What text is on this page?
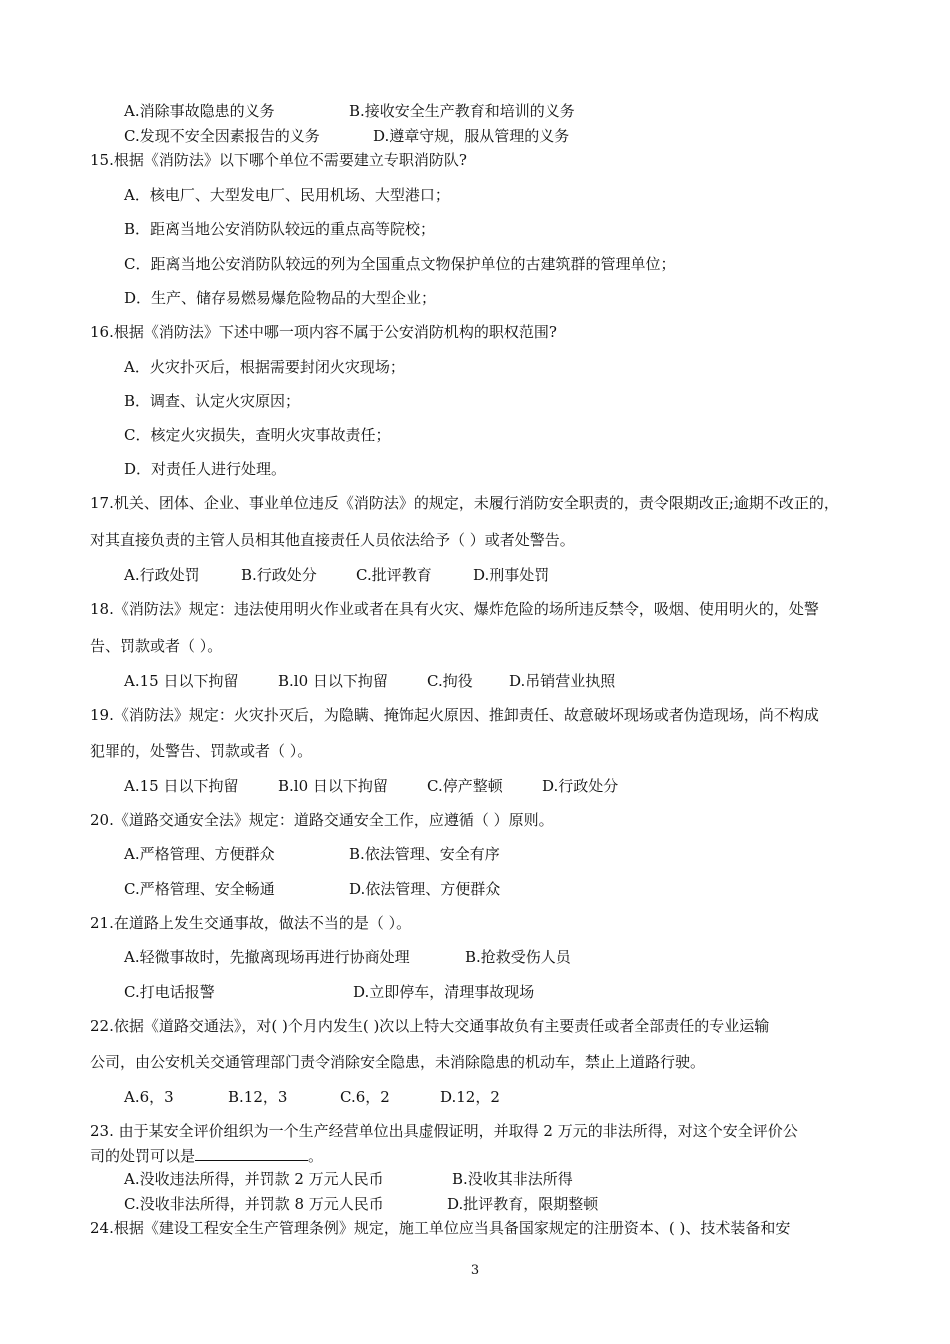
A.消除事故隐患的义务	B.接收安全生产教育和培训的义务
C.发现不安全因素报告的义务	D.遵章守规，服从管理的义务
15.根据《消防法》以下哪个单位不需要建立专职消防队?
A．核电厂、大型发电厂、民用机场、大型港口；
B．距离当地公安消防队较远的重点高等院校；
C．距离当地公安消防队较远的列为全国重点文物保护单位的古建筑群的管理单位；
D．生产、储存易燃易爆危险物品的大型企业；
16.根据《消防法》下述中哪一项内容不属于公安消防机构的职权范围?
A．火灾扑灭后，根据需要封闭火灾现场；
B．调查、认定火灾原因；
C．核定火灾损失，查明火灾事故责任；
D．对责任人进行处理。
17.机关、团体、企业、事业单位违反《消防法》的规定，未履行消防安全职责的，责令限期改正;逾期不改正的，
对其直接负责的主管人员相其他直接责任人员依法给予（ ）或者处警告。
A.行政处罚	B.行政处分	C.批评教育	D.刑事处罚
18.《消防法》规定：违法使用明火作业或者在具有火灾、爆炸危险的场所违反禁令，吸烟、使用明火的，处警
告、罚款或者（ ）。
A.15 日以下拘留	B.l0 日以下拘留	C.拘役 D.吊销营业执照
19.《消防法》规定：火灾扑灭后，为隐瞒、掩饰起火原因、推卸责任、故意破坏现场或者伪造现场，尚不构成
犯罪的，处警告、罚款或者（ ）。
A.15 日以下拘留	B.l0 日以下拘留	C.停产整顿	D.行政处分
20.《道路交通安全法》规定：道路交通安全工作，应遵循（ ）原则。
A.严格管理、方便群众	B.依法管理、安全有序
C.严格管理、安全畅通	D.依法管理、方便群众
21.在道路上发生交通事故，做法不当的是（ ）。
A.轻微事故时，先撤离现场再进行协商处理	B.抢救受伤人员
C.打电话报警	D.立即停车，清理事故现场
22.依据《道路交通法》，对( )个月内发生( )次以上特大交通事故负有主要责任或者全部责任的专业运输
公司，由公安机关交通管理部门责令消除安全隐患，未消除隐患的机动车，禁止上道路行驶。
A.6，3	B.12，3	C.6，2	D.12，2
23. 由于某安全评价组织为一个生产经营单位出具虚假证明，并取得 2 万元的非法所得，对这个安全评价公
司的处罚可以是	。
A.没收违法所得，并罚款 2 万元人民币	B.没收其非法所得
C.没收非法所得，并罚款 8 万元人民币	D.批评教育，限期整顿
24.根据《建设工程安全生产管理条例》规定，施工单位应当具备国家规定的注册资本、( )、技术装备和安
3
